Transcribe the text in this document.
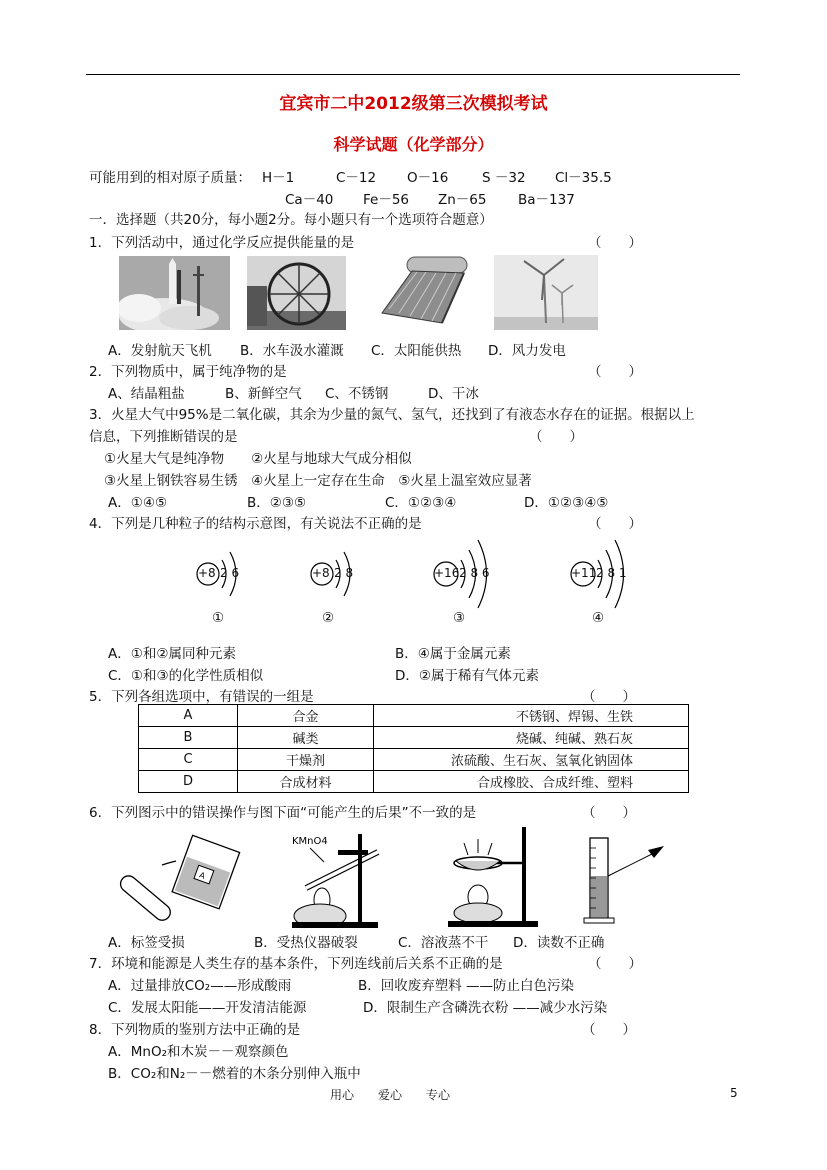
宜宾市二中2012级第三次模拟考试
科学试题（化学部分）
可能用到的相对原子质量： H－1	C－12 O－16 S －32 Cl－35.5
Ca－40 Fe－56 Zn－65 Ba－137
一．选择题（共20分，每小题2分。每小题只有一个选项符合题意）
1．下列活动中，通过化学反应提供能量的是	（　　）
A．发射航天飞机 B．水车汲水灌溉 C．太阳能供热 D．风力发电
2．下列物质中，属于纯净物的是	（　　）
A、结晶粗盐	B、新鲜空气 C、不锈钢	D、干冰
3．火星大气中95%是二氧化碳，其余为少量的氮气、氢气，还找到了有液态水存在的证据。根据以上
信息，下列推断错误的是	（　　）
①火星大气是纯净物　　②火星与地球大气成分相似
③火星上钢铁容易生锈　④火星上一定存在生命　⑤火星上温室效应显著
A．①④⑤	B．②③⑤	C．①②③④	D．①②③④⑤
4．下列是几种粒子的结构示意图，有关说法不正确的是	（　　）
+8 2 6
①
+8 2 8
②
+16 2 8 6
③
+11 2 8 1
④
A．①和②属同种元素	B．④属于金属元素
C．①和③的化学性质相似	D．②属于稀有气体元素
5．下列各组选项中，有错误的一组是	（　　）
A	合金	不锈钢、焊锡、生铁
B	碱类	烧碱、纯碱、熟石灰
C	干燥剂	浓硫酸、生石灰、氢氧化钠固体
D	合成材料	合成橡胶、合成纤维、塑料
6．下列图示中的错误操作与图下面“可能产生的后果”不一致的是	（　　）
A
KMnO4
A．标签受损	B．受热仪器破裂	C．溶液蒸不干 D．读数不正确
7．环境和能源是人类生存的基本条件，下列连线前后关系不正确的是	（　　）
A．过量排放CO₂——形成酸雨	B．回收废弃塑料 ——防止白色污染
C．发展太阳能——开发清洁能源	D．限制生产含磷洗衣粉 ——减少水污染
8．下列物质的鉴别方法中正确的是	（　　）
A．MnO₂和木炭－－观察颜色
B．CO₂和N₂－－燃着的木条分别伸入瓶中
用心　　爱心　　专心	5
